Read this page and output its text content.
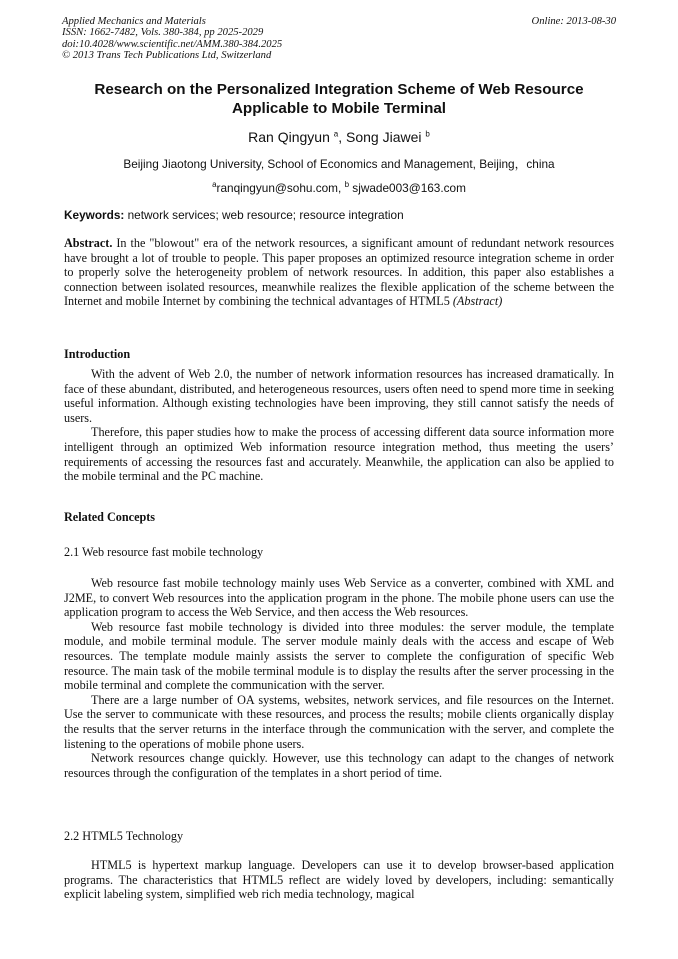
Applied Mechanics and Materials
ISSN: 1662-7482, Vols. 380-384, pp 2025-2029
doi:10.4028/www.scientific.net/AMM.380-384.2025
© 2013 Trans Tech Publications Ltd, Switzerland
Online: 2013-08-30
Research on the Personalized Integration Scheme of Web Resource
Applicable to Mobile Terminal
Ran Qingyun $^a$, Song Jiawei $^b$
Beijing Jiaotong University, School of Economics and Management, Beijing，china
$^a$ranqingyun@sohu.com, $^b$ sjwade003@163.com
Keywords: network services; web resource; resource integration

Abstract. In the "blowout" era of the network resources, a significant amount of redundant network resources have brought a lot of trouble to people. This paper proposes an optimized resource integration scheme in order to properly solve the heterogeneity problem of network resources. In addition, this paper also establishes a connection between isolated resources, meanwhile realizes the flexible application of the scheme between the Internet and mobile Internet by combining the technical advantages of HTML5 (Abstract)

Introduction

With the advent of Web 2.0, the number of network information resources has increased dramatically. In face of these abundant, distributed, and heterogeneous resources, users often need to spend more time in seeking useful information. Although existing technologies have been improving, they still cannot satisfy the needs of users.

Therefore, this paper studies how to make the process of accessing different data source information more intelligent through an optimized Web information resource integration method, thus meeting the users’ requirements of accessing the resources fast and accurately. Meanwhile, the application can also be applied to the mobile terminal and the PC machine.

Related Concepts
2.1 Web resource fast mobile technology

Web resource fast mobile technology mainly uses Web Service as a converter, combined with XML and J2ME, to convert Web resources into the application program in the phone. The mobile phone users can use the application program to access the Web Service, and then access the Web resources.

Web resource fast mobile technology is divided into three modules: the server module, the template module, and mobile terminal module. The server module mainly deals with the access and escape of Web resources. The template module mainly assists the server to complete the configuration of specific Web resource. The main task of the mobile terminal module is to display the results after the server processing in the mobile terminal and complete the communication with the server.

There are a large number of OA systems, websites, network services, and file resources on the Internet. Use the server to communicate with these resources, and process the results; mobile clients organically display the results that the server returns in the interface through the communication with the server, and complete the listening to the operations of mobile phone users.

Network resources change quickly. However, use this technology can adapt to the changes of network resources through the configuration of the templates in a short period of time.

2.2 HTML5 Technology

HTML5 is hypertext markup language. Developers can use it to develop browser-based application programs. The characteristics that HTML5 reflect are widely loved by developers, including: semantically explicit labeling system, simplified web rich media technology, magical
